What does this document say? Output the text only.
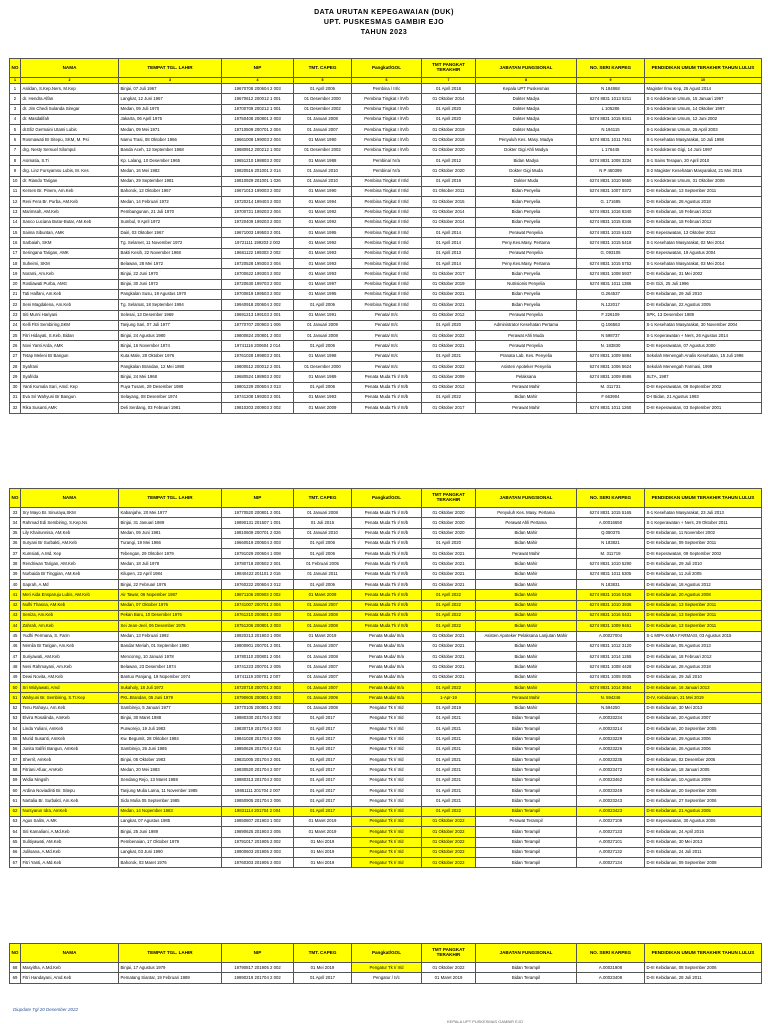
DATA URUTAN KEPEGAWAIAN (DUK)
UPT. PUSKESMAS GAMBIR EJO
TAHUN 2023
NO	NAMA	TEMPAT TGL. LAHIR	NIP	TMT. CAPEG	Pangkat/GOL	TMT PANGKAT TERAKHIR	JABATAN FUNGSIONAL	NO. SERI KARPEG	PENDIDIKAN UMUM TERAKHIR TAHUN LULUS
1	2	3	4	5	6	7	8	9	10
1	Asildan, S.Kep.Ners, M.Kep	Binjai, 07 Juli 1967	19670708 200604 2 003	01 April 2006	Pembina / III/c	01 April 2018	Kepala UPT Puskesmas	N 184868	Magister Ilmu Kep, 25 Agust 2014
2	dr. Hendra Alfan	Langkat, 12 Juni 1967	19670612 200012 1 001	01 Desember 2000	Pembina Tingkat I /IV/b	01 Oktober 2014	Dokter Madya	6274 8831 1013 5211	S-1 Kedokteran Umum, 15 Januari 1997
3	dr. Jim Chedi Sulanda Siregar	Medan, 09 Juli 1970	19700709 200212 1 001	01 Desember 2002	Pembina Tingkat I /IV/b	01 April 2020	Dokter Madya	L 105286	S-1 Kedokteran Umum, 14 Oktober 1997
4	dr. Masdalifah	Jakarta, 06 April 1975	19750408 200801 2 003	01 Januari 2008	Pembina Tingkat I /IV/b	01 April 2020	Dokter Madya	6274 8831 1015 9341	S-1 Kedokteran Umum, 12 Juni 2002
5	dr.Eliz Germaini Utami Lubis	Medan, 09 Mei 1971	19710509 200701 2 004	01 Januari 2007	Pembina Tingkat I /IV/b	01 Oktober 2019	Dokter Madya	N 194115	S-1 Kedokteran Umum, 25 April 2003
6	Rosmawati Br Sitepu, SKM, M. Psi	Namu Trasi, 08 Oktober 1966	19661008 199003 2 004	01 Maret 1990	Pembina Tingkat I /IV/b	01 Oktober 2018	Penyuluh Kes. Masy. Madya	6274 8831 1011 7461	S-1 Kesehatan Masyarakat, 10 Juli 1998
7	drg. Nesty Semuel Silompul	Banda Aceh, 12 September 1968	19680912 200212 1 002	01 Desember 2002	Pembina Tingkat I /IV/b	01 Oktober 2020	Dokter Gigi Ahli Madya	L 176445	S-1 Kedokteran Gigi, 14 Juni 1997
8	Asimatia, S.Ti	Kp. Lalang, 10 Desember 1965	19651210 198803 2 002	01 Maret 1988	Pembina/ IV/a	01 April 2012	Bidan Madya	6274 8831 1008 3234	S-1 Sains Terapan, 20 April 2010
9	drg. Linz Fursyamsu Lubis, M. Kes	Medan, 16 Mei 1982	19820516 201001 2 014	01 Januari 2010	Pembina/ IV/a	01 Oktober 2020	Dokter Gigi Muda	N P 460399	S-2 Magister Kesehatan Masyarakat, 21 Mei 2015
10	dr. Riando Tarigan	Medan, 29 September 1981	19810929 201001 1 026	01 Januari 2010	Pembina Tingkat I/ III/d	01 April 2019	Dokter Muda	6274 8831 1010 5650	S-1 Kedokteran Umum, 31 Oktober 2006
11	Kersen Br. Pinem, Am.Keb	Bahorok, 13 Oktober 1967	19671013 199003 2 002	01 Maret 1990	Pembina Tingkat I/ III/d	01 Oktober 2011	Bidan Penyelia	6274 8831 1007 0372	D-III Kebidanan, 13 September 2011
12	Reni Fera Br. Purba, AM.Keb	Medan, 14 Februari 1972	19720214 199403 2 003	01 Maret 1994	Pembina Tingkat I/ III/d	01 Oktober 2015	Bidan Penyelia	G. 171695	D-III Kebidanan, 28 Agustus 2018
13	Marimsah, AM.Keb	Pembangunan, 21 Juli 1970	19700721 199203 2 004	01 Maret 1992	Pembina Tingkat I/ III/d	01 Oktober 2014	Bidan Penyelia	6274 8831 1016 8340	D-III Kebidanan, 18 Februari 2012
14	Sanco Luciana Butar-Butar, AM.Keb	Sumbul, 9 April 1972	19720409 199203 2 003	01 Maret 1992	Pembina Tingkat I/ III/d	01 Oktober 2014	Bidan Penyelia	6274 8831 1015 8346	D-III Kebidanan, 18 Februari 2012
15	Saima Sibuntan, AMK	Dairi, 03 Oktober 1967	19671003 199503 2 001	01 Maret 1995	Pembina Tingkat I/ III/d	01 April 2014	Perawat Penyelia	6274 8831 1015 6103	D-III Keperawatan, 13 Oktober 2012
16	Sarbaiah, SKM	Tg. Selamet, 11 November 1972	19721111 199203 2 002	01 Maret 1992	Pembina Tingkat I/ III/d	01 April 2014	Peny.Kes.Masy. Pertama	6274 8831 1015 5418	S-1 Kesehatan Masyarakat, 02 Mei 2014
17	Seringana Tarigan, AMK	Bakti Kesih, 22 November 1968	19681122 199303 2 002	01 Maret 1993	Pembina Tingkat I/ III/d	01 April 2013	Perawat Penyelia	G. 093105	D-III Keperawatan, 19 Agustus 2004
18	Suheimi, SKM	Belawan, 28 Mei 1972	19720528 199303 2 004	01 Maret 1993	Pembina Tingkat I/ III/d	01 April 2014	Peny.Kes.Masy. Pertama	6274 8831 1015 5752	S-1 Kesehatan Masyarakat, 03 Mei 2014
19	Norami, Am.Keb	Binjai, 22 Juni 1970	19700622 199303 2 002	01 Maret 1993	Pembina Tingkat I/ III/d	01 Oktober 2017	Bidan Penyelia	6274 8831 1008 5937	D-III Kebidanan, 31 Mei 2002
20	Rostiawati Purba, AMG	Binjai, 30 Juni 1972	19720630 199703 2 003	01 Maret 1997	Pembina Tingkat I/ III/d	01 Oktober 2019	Nutrisionis Penyelia	6274 8831 1011 1386	D-III Gizi, 25 Juli 1996
21	Tati Halfani, Am.Keb	Pangkalan Susu, 19 Agustus 1970	19700819 199503 2 002	01 Maret 1995	Pembina Tingkat I/ III/d	01 Oktober 2021	Bidan Penyelia	G.264537	D-III Kebidanan, 29 Juli 2010
22	Seni Magdalena, Am.Keb	Tg. Selamat, 18 September 1994	19940918 200604 2 002	01 April 2006	Pembina Tingkat I/ III/d	01 Oktober 2021	Bidan Penyelia	N.122017	D-III Kebidanan, 22 Agustus 2005
23	Siti Murni Hariyani	Selesai, 13 Desember 1969	19691213 199103 2 001	01 Maret 1991	Penata/ III/c	01 Oktober 2012	Perawat Penyelia	F 226109	SPK, 13 Desember 1989
24	Kelli Fitri Sembiring,SKM	Tanjung Sari, 07 Juli 1977	19770707 200903 1 006	01 Januari 2009	Penata/ III/c	01 April 2020	Administrator Kesehatan Pertama	Q.106563	S-1 Kesehatan Masyarakat, 30 November 2004
25	Fitri Hidayati, S.Keb, Bidan	Binjai, 24 Agustus 1980	19800824 200801 2 003	01 Januari 2008	Penata/ III/c	01 Oktober 2022	Perawat Ahli Muda	N 598737	S-1 Keperawatan + Ners, 26 Agustus 2014
26	Novi Yanti Arda, AMK	Binjai, 16 November 1974	19741116 200604 2 014	01 April 2006	Penata/ III/c	01 Oktober 2021	Perawat Penyelia	N. 183830	D-III Keperawatan, 07 Agustus 2000
27	Tetap Meleni Br Bangun	Kuta Male, 28 Oktober 1976	19761028 199803 2 001	01 Maret 1998	Penata/ III/c	01 April 2021	Pranata Lab. Kes. Penyelia	6274 8831 1009 5884	Sekolah Menengah Analis Kesehatan, 15 Juli 1996
28	Syafrani	Pangkalan Brandan, 12 Mei 1980	19800512 200012 2 001	01 Desember 2000	Penata/ III/c	01 Oktober 2022	Asisten Apoteker Penyelia	6274 8831 1006 5624	Sekolah Menengah Farmasi, 1999
29	Syafrida	Binjai, 24 Mei 1968	19680524 198903 2 002	01 Maret 1989	Penata Muda Tk I/ III/b	01 Oktober 2009	Pelaksana	6274 8831 1009 8586	SLTA, 1987
30	Yanti Kumala Sari, Amd. Kep	Puya Tusam, 29 Desember 1980	19801229 200604 2 013	01 April 2006	Penata Muda Tk I/ III/b	01 Oktober 2012	Perawat Mahir	M. 311731	D-III Keperawatan, 09 September 2002
31	Eva Sri Wahyuni Br Bangun	Selayang, 08 Desember 1974	19741208 199303 2 001	01 Maret 1993	Penata Muda Tk I/ III/b	01 April 2022	Bidan Mahir	F 663904	D-I Bidan, 21 Agustus 1993
32	Rika Susanti,AMK	Deli Serdang, 03 Februari 1981	19810203 200903 2 002	01 Maret 2009	Penata Muda Tk I/ III/b	01 Oktober 2017	Perawat Mahir	6274 8831 1011 1260	D-III Keperawatan, 03 September 2001
NO	NAMA	TEMPAT TGL. LAHIR	NIP	TMT. CAPEG	Pangkat/GOL	TMT PANGKAT TERAKHIR	JABATAN FUNGSIONAL	NO. SERI KARPEG	PENDIDIKAN UMUM TERAKHIR TAHUN LULUS
33	Sry Mayo Br. Sinuraya,SKM	Kabanjahe, 20 Mei 1977	19770520 200801 2 001	01 Januari 2008	Penata Muda Tk I/ III/b	01 Oktober 2020	Penyuluh Kes. Masy. Pertama	6274 8831 1015 5165	S-1 Kesehatan Masyarakat, 23 Juli 2013
34	Rahmad Edi Sembiring, S.Kep.Ns	Binjai, 31 Januari 1989	19890131 201507 1 001	01 Juli 2015	Penata Muda Tk I/ III/b	01 Oktober 2020	Perawat Ahli Pertama	A.00016650	S-1 Keperawatan + Ners, 29 Oktober 2011
35	Lily Khairunnisa, AM.Keb	Medan, 09 Juni 1981	19810609 200701 2 026	01 Januari 2010	Penata Muda Tk I/ III/b	01 Oktober 2020	Bidan Mahir	Q.080375	D-III Kebidanan, 11 November 2002
36	Suryani Br Surbakti, AM.Keb	Turangi, 19 Mei 1966	19660519 200604 2 003	01 April 2006	Penata Muda Tk I/ III/b	01 April 2020	Bidan Mahir	N 183821	D-III Kebidanan, 09 September 2011
37	Kumsiati, A.Md. Kep	Tebengan, 29 Oktober 1979	19791029 200604 1 008	01 April 2006	Penata Muda Tk I/ III/b	01 Oktober 2021	Perawat Mahir	M. 311719	D-III Keperawatan, 09 September 2002
38	Rendriwan Tarigan, AM.Keb	Medan, 18 Juli 1978	19780718 200502 2 001	01 Februari 2005	Penata Muda Tk I/ III/b	01 Oktober 2021	Bidan Mahir	6274 8831 1010 5290	D-III Kebidanan, 29 Juli 2010
39	Nurbaida Br Tinggian, AM.Keb	Kilupen, 22 April 1984	19840422 201101 2 016	01 Januari 2011	Penata Muda Tk I/ III/b	01 Oktober 2021	Bidan Mahir	6274 8831 1011 5305	D-III Kebidanan, 11 Juli 2005
40	Saprah, A.Md	Binjai, 22 Februari 1976	19760222 200604 2 012	01 April 2006	Penata Muda Tk I/ III/b	01 Oktober 2021	Bidan Mahir	N 183831	D-III Kebidanan, 18 Agustus 2012
41	Meri Aida Ensparuju Lubis, AM.Keb	Air Tawar, 06 Nopember 1987	19871106 200903 2 002	01 Maret 2009	Penata Muda Tk I/ III/b	01 April 2022	Bidan Mahir	6274 8831 1016 0426	D-III Kebidanan, 20 Agustus 2008
42	Nulhi Thasna, AM.Keb	Medan, 07 Oktober 1976	19741007 200701 2 004	01 Januari 2007	Penata Muda Tk I/ III/b	01 April 2022	Bidan Mahir	6274 8831 1010 3936	D-III Kebidanan, 13 September 2011
43	Seniza, Am.Keb	Pekan Baru, 10 Desember 1976	19761210 200801 2 003	01 Januari 2008	Penata Muda Tk I/ III/b	01 April 2022	Bidan Mahir	6274 8831 1016 0431	D-III Kebidanan, 13 September 2011
44	Zahrah, Am.Keb	Sei Jean-Jeel, 06 Desember 1975	19751206 200801 2 003	01 Januari 2008	Penata Muda Tk I/ III/b	01 April 2022	Bidan Mahir	6274 8831 1009 9461	D-III Kebidanan, 13 September 2011
45	Yudhi Permana, S. Farm	Medan, 13 Februari 1992	19920213 201903 1 008	01 Maret 2019	Penata Muda/ III/a	01 Oktober 2021	Asisten Apoteker Pelaksana Lanjutan Mahir	A.00027004	S-1 MIPA KIMIA FARMASI, 03 Agustus 2015
46	Nemila Br Tarigan, Am.Keb	Bandar Meriah, 01 September 1980	19800901 200701 2 001	01 Januari 2007	Penata Muda/ III/a	01 Oktober 2021	Bidan Mahir	6274 8831 1012 3120	D-III Kebidanan, 05 Agustus 2013
47	Suriyawati, AM.Keb	Menconng, 10 Januari 1978	19780110 200801 2 004	01 Januari 2008	Penata Muda/ III/a	01 Oktober 2021	Bidan Mahir	6274 8831 1014 1265	D-III Kebidanan, 18 Februari 2012
48	Neni Rahmayani, Am.Keb	Belawan, 23 Desember 1974	19741223 200701 2 005	01 Januari 2007	Penata Muda/ III/a	01 Oktober 2021	Bidan Mahir	6274 8831 1008 4428	D-III Kebidanan, 28 Agustus 2018
49	Dewi Novita, AM.Keb	Bantuo Panjang, 19 Nopember 1974	19741119 200701 2 007	01 Januari 2007	Penata Muda/ III/a	01 Oktober 2021	Bidan Mahir	6274 8831 1008 0935	D-III Kebidanan, 29 Juli 2010
50	Sri Widyawati, Amd	Sukaholy, 18 Juli 1972	19720718 200701 2 003	01 Januari 2007	Penata Muda/ III/a	01 April 2022	Bidan Mahir	6274 8831 1014 3654	D-III Kebidanan, 16 Januari 2013
51	Wahyuni Br. Sembiring, S.Tr.Kep	PKL.Brandan, 05 Juni 1979	19790605 200801 2 003	01 Januari 2009	Penata Muda/ III/a	1-Apr-19	Perawat Mahir	N. 594246	D-IV, Kebidanan, 21 Mei 2019
52	Tenu Rahayu, Am.Keb	Sambirejo, 5 Januari 1977	19770105 200801 2 002	01 Januari 2008	Pengatur Tk I/ II/d	01 April 2019	Bidan Mahir	N.594250	D-III Kebidanan, 30 Mei 2013
53	Elvira Rosalinda, AmKeb	Binjai, 30 Maret 1988	19880330 201704 2 002	01 April 2017	Pengatur Tk I/ II/d	01 April 2021	Bidan Terampil	A.00033234	D-III Kebidanan, 20 Agustus 2007
54	Linda Yuliani, AmKeb	Purworejo, 19 Juli 1983	19830719 201704 2 003	01 April 2017	Pengatur Tk I/ II/d	01 April 2021	Bidan Terampil	A.00023214	D-III Kebidanan, 20 September 2005
55	Murid Susanti, AmKeb	Kw. Begumit, 28 Oktober 1984	19841028 201704 2 006	01 April 2017	Pengatur Tk I/ II/d	01 April 2021	Bidan Terampil	A.00023229	D-III Kebidanan, 29 Agustus 2006
56	Junita Salfiri Bangun, AmKeb	Sambirejo, 26 Juni 1985	19850626 201704 2 014	01 April 2017	Pengatur Tk I/ II/d	01 April 2021	Bidan Terampil	A.00023226	D-III Kebidanan, 26 Agustus 2006
57	Sherril, AmKeb	Binjai, 05 Oktober 1983	19831005 201704 2 001	01 April 2017	Pengatur Tk I/ II/d	01 April 2021	Bidan Terampil	A.00023235	D-III Kebidanan, 02 Desember 2005
58	Fitriani Afuar, AmKeb	Medan, 20 Mei 1983	19830520 201704 2 007	01 April 2017	Pengatur Tk I/ II/d	01 April 2021	Bidan Terampil	A.00023472	D-III Kebidanan, 18 Januari 2005
59	Widia Ningsih	Sendang Rejo, 13 Maret 1988	19880313 201704 2 003	01 April 2017	Pengatur Tk I/ II/d	01 April 2021	Bidan Terampil	A.00023462	D-III Kebidanan, 10 Agustus 2009
60	Ardina Noviadinti Br. Sitepu	Tanjung Mulia Lama, 11 November 1985	19851111 201704 2 007	01 April 2017	Pengatur Tk I/ II/d	01 April 2021	Bidan Terampil	A.00023249	D-III Kebidanan, 20 September 2006
61	Nartalia Br. Surbakti, Am.Keb	Sido Mulia 05 September 1985	19850905 201704 2 006	01 April 2017	Pengatur Tk I/ II/d	01 April 2021	Bidan Terampil	A.00023243	D-III Kebidanan, 27 September 2006
62	Nursyarun Idra, AmKeb	Medan, 14 Nopember 1983	19831114 201704 2 004	01 April 2017	Pengatur Tk I/ II/d	01 April 2022	Bidan Terampil	A.00023423	D-III Kebidanan, 21 Agustus 2005
63	Agus Salim, A.MK	Langkat, 07 Agustus 1985	19850807 201903 1 002	01 Maret 2019	Pengatur Tk I/ II/d	01 Oktober 2022	Perawat Terampil	A.00027109	D-III Keperawatan, 30 Agustus 2006
64	Siti Kamaliani, A.Md.Keb	Binjai, 25 Juni 1989	19890625 201903 2 005	01 Maret 2019	Pengatur Tk I/ II/d	01 Oktober 2022	Bidan Terampil	A.00027133	D-III Kebidanan, 24 April 2015
65	Sulitiyawati, AM.Keb	Pembenaian, 17 Oktober 1979	19791017 201905 2 002	01 Mei 2019	Pengatur Tk I/ II/d	01 Oktober 2022	Bidan Terampil	A.00027101	D-III Kebidanan, 30 Mei 2013
66	Juliloana, A.Md.Keb	Langkat, 03 Juni 1990	19900603 201905 2 003	01 Mei 2019	Pengatur Tk I/ II/d	01 Oktober 2022	Bidan Terampil	A.00027132	D-III Kebidanan, 24 Juli 2011
67	Fitri Yanti, A.Md.Keb	Bahorok, 03 Maret 1976	19760303 201905 2 003	01 Mei 2019	Pengatur Tk I/ II/d	01 Oktober 2022	Bidan Terampil	A.00027134	D-III Kebidanan, 09 September 2008
NO	NAMA	TEMPAT TGL. LAHIR	NIP	TMT. CAPEG	Pangkat/GOL	TMT PANGKAT TERAKHIR	JABATAN FUNGSIONAL	NO. SERI KARPEG	PENDIDIKAN UMUM TERAKHIR TAHUN LULUS
68	Masyitha, A.Md.Keb	Binjai, 17 Agustus 1979	19790817 201905 2 002	01 Mei 2019	Pengatur Tk I/ II/d	01 Oktober 2022	Bidan Terampil	A.00021908	D-III Kebidanan, 08 September 2006
69	Fitri Handayani, Amd.Keb	Pematang Siantar, 19 Februari 1989	19890219 201704 2 002	01 April 2017	Pengatur / II/c	01 Maret 2019	Bidan Terampil	A.00023408	D-III Kebidanan, 28 Juli 2011
Diupdate Tgl 20 Desember 2022
KEPALA UPT PUSKESMAS GAMBIR EJO
